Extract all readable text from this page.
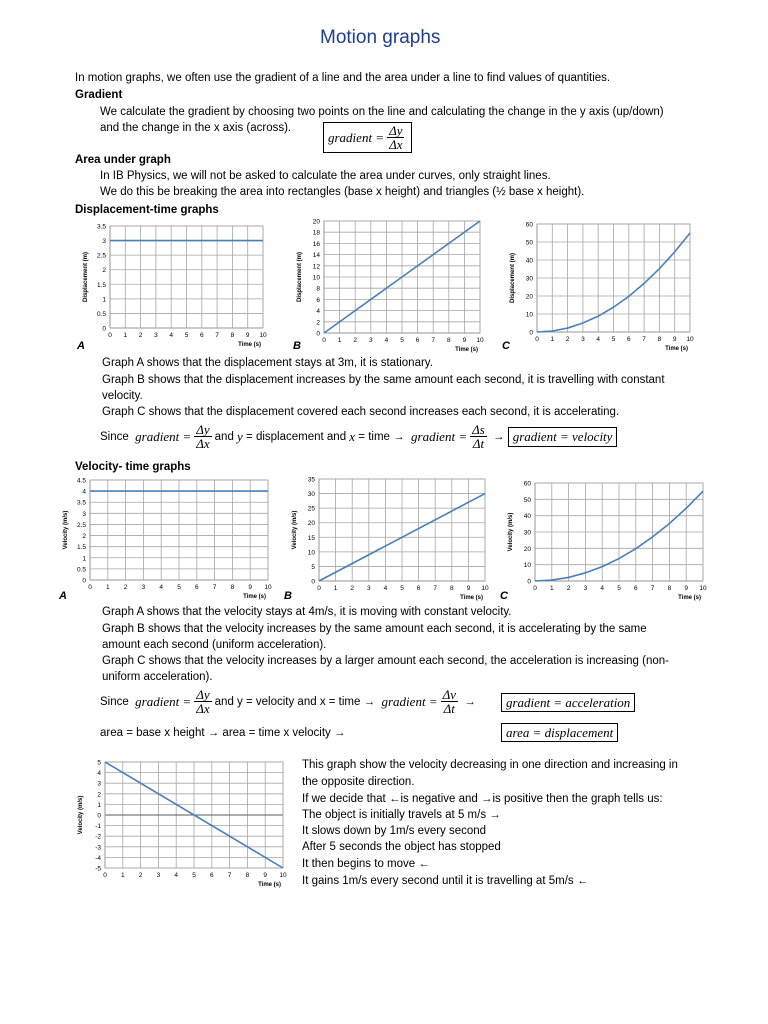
Motion graphs
In motion graphs, we often use the gradient of a line and the area under a line to find values of quantities.
Gradient
We calculate the gradient by choosing two points on the line and calculating the change in the y axis (up/down)
and the change in the x axis (across).
gradient = $\frac{\Delta y}{\Delta x}$
Area under graph
In IB Physics, we will not be asked to calculate the area under curves, only straight lines.
We do this be breaking the area into rectangles (base x height) and triangles (½ base x height).
Displacement-time graphs
0
0.5
1
1.5
2
2.5
3
3.5
0 1 2 3 4 5 6 7 8 9 10
Time (s)
Displacement (m)
0
2
4
6
8
10
12
14
16
18
20
0 1 2 3 4 5 6 7 8 9 10
Time (s)
Displacement (m)
0
10
20
30
40
50
60
0 1 2 3 4 5 6 7 8 9 10
Time (s)
Displacement (m)
A	B	C
Graph A shows that the displacement stays at 3m, it is stationary.
Graph B shows that the displacement increases by the same amount each second, it is travelling with constant
velocity.
Graph C shows that the displacement covered each second increases each second, it is accelerating.
Since
gradient = $\frac{\Delta y}{\Delta x}$ and
y
= displacement and
x
= time →
gradient = $\frac{\Delta s}{\Delta t}$
→
gradient = velocity
Velocity- time graphs
0
0.5
1
1.5
2
2.5
3
3.5
4
4.5
0 1 2 3 4 5 6 7 8 9 10
Time (s)
Velocity (m/s)
0
5
10
15
20
25
30
35
0 1 2 3 4 5 6 7 8 9 10
Time (s)
Velocity (m/s)
0
10
20
30
40
50
60
0 1 2 3 4 5 6 7 8 9 10
Time (s)
Velocity (m/s)
A	B	C
Graph A shows that the velocity stays at 4m/s, it is moving with constant velocity.
Graph B shows that the velocity increases by the same amount each second, it is accelerating by the same
amount each second (uniform acceleration).
Graph C shows that the velocity increases by a larger amount each second, the acceleration is increasing (non-
uniform acceleration).
Since
gradient = $\frac{\Delta y}{\Delta x}$ and y = velocity and x = time →
gradient = $\frac{\Delta v}{\Delta t}$
→	gradient = acceleration
area = base x height → area = time x velocity →	area = displacement
-5
-4
-3
-2
-1
0
1
2
3
4
5
0 1 2 3 4 5 6 7 8 9 10
Time (s)
Velocity (m/s)
This graph show the velocity decreasing in one direction and increasing in
the opposite direction.
If we decide that ←is negative and →is positive then the graph tells us:
The object is initially travels at 5 m/s →
It slows down by 1m/s every second
After 5 seconds the object has stopped
It then begins to move ←
It gains 1m/s every second until it is travelling at 5m/s ←
